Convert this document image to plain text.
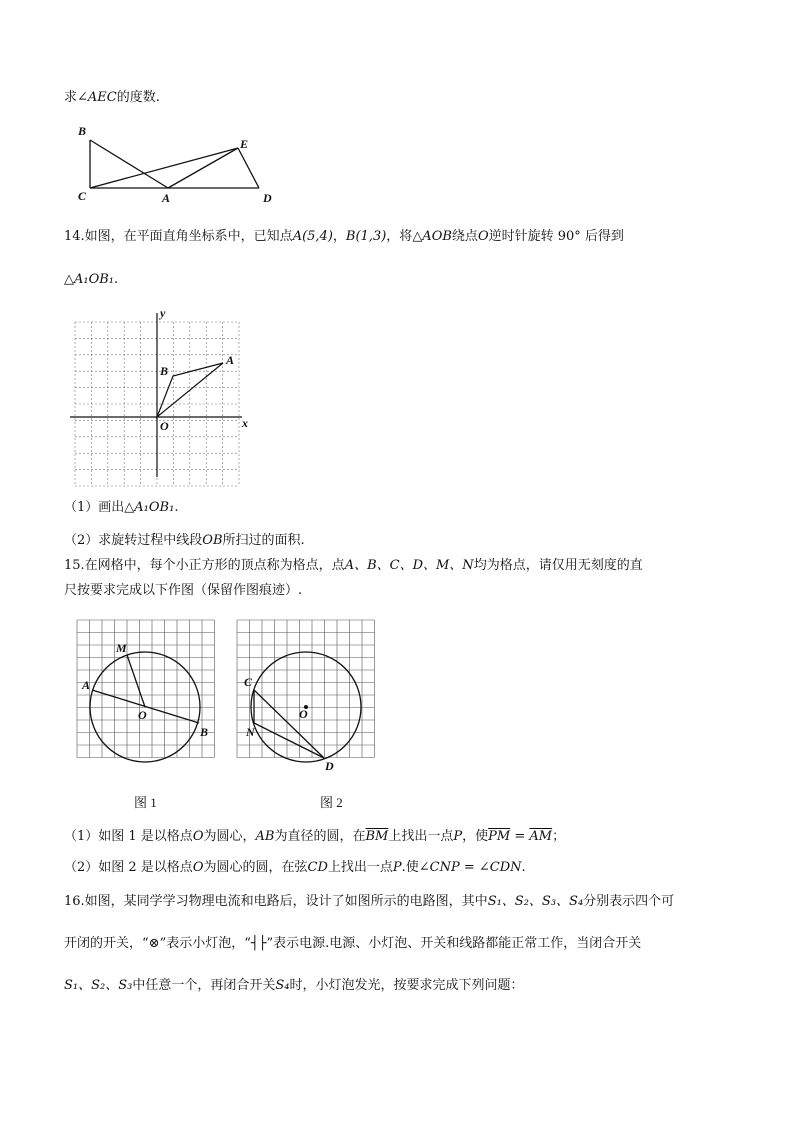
求∠AEC的度数.
B
C	A
E
D
14.如图，在平面直角坐标系中，已知点A(5,4)，B(1,3)，将△AOB绕点O逆时针旋转 90° 后得到
△A₁OB₁.
y
x
A
B
O
（1）画出△A₁OB₁.
（2）求旋转过程中线段OB所扫过的面积.
15.在网格中，每个小正方形的顶点称为格点，点A、B、C、D、M、N均为格点，请仅用无刻度的直
尺按要求完成以下作图（保留作图痕迹）.
M
A
O
B
图 1
C
O
N
D
图 2
（1）如图 1 是以格点O为圆心，AB为直径的圆，在$\overline{BM}$上找出一点P，使$\overline{PM} = \overline{AM}$；
（2）如图 2 是以格点O为圆心的圆，在弦CD上找出一点P.使∠CNP = ∠CDN.
16.如图，某同学学习物理电流和电路后，设计了如图所示的电路图，其中S₁、S₂、S₃、S₄分别表示四个可
开闭的开关，“⊗”表示小灯泡，“┤├”表示电源.电源、小灯泡、开关和线路都能正常工作，当闭合开关
S₁、S₂、S₃中任意一个，再闭合开关S₄时，小灯泡发光，按要求完成下列问题：
